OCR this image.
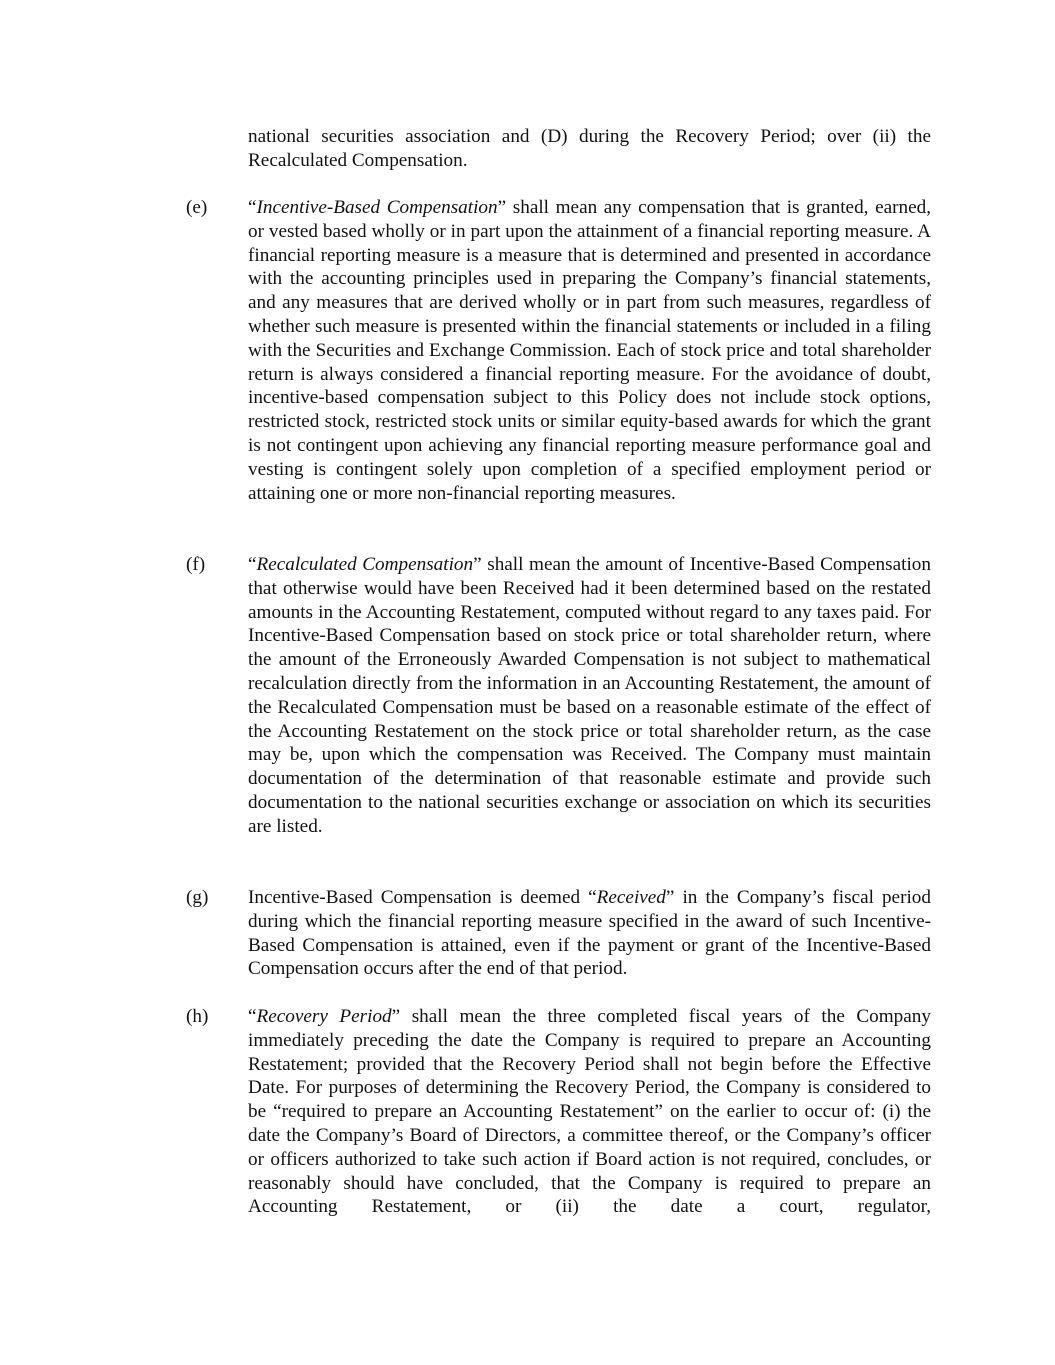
national securities association and (D) during the Recovery Period; over (ii) the Recalculated Compensation.
(e)	“Incentive-Based Compensation” shall mean any compensation that is granted, earned, or vested based wholly or in part upon the attainment of a financial reporting measure. A financial reporting measure is a measure that is determined and presented in accordance with the accounting principles used in preparing the Company’s financial statements, and any measures that are derived wholly or in part from such measures, regardless of whether such measure is presented within the financial statements or included in a filing with the Securities and Exchange Commission. Each of stock price and total shareholder return is always considered a financial reporting measure. For the avoidance of doubt, incentive-based compensation subject to this Policy does not include stock options, restricted stock, restricted stock units or similar equity-based awards for which the grant is not contingent upon achieving any financial reporting measure performance goal and vesting is contingent solely upon completion of a specified employment period or attaining one or more non-financial reporting measures.
(f)	“Recalculated Compensation” shall mean the amount of Incentive-Based Compensation that otherwise would have been Received had it been determined based on the restated amounts in the Accounting Restatement, computed without regard to any taxes paid. For Incentive-Based Compensation based on stock price or total shareholder return, where the amount of the Erroneously Awarded Compensation is not subject to mathematical recalculation directly from the information in an Accounting Restatement, the amount of the Recalculated Compensation must be based on a reasonable estimate of the effect of the Accounting Restatement on the stock price or total shareholder return, as the case may be, upon which the compensation was Received. The Company must maintain documentation of the determination of that reasonable estimate and provide such documentation to the national securities exchange or association on which its securities are listed.
(g)	Incentive-Based Compensation is deemed “Received” in the Company’s fiscal period during which the financial reporting measure specified in the award of such Incentive-Based Compensation is attained, even if the payment or grant of the Incentive-Based Compensation occurs after the end of that period.
(h)	“Recovery Period” shall mean the three completed fiscal years of the Company immediately preceding the date the Company is required to prepare an Accounting Restatement; provided that the Recovery Period shall not begin before the Effective Date. For purposes of determining the Recovery Period, the Company is considered to be “required to prepare an Accounting Restatement” on the earlier to occur of: (i) the date the Company’s Board of Directors, a committee thereof, or the Company’s officer or officers authorized to take such action if Board action is not required, concludes, or reasonably should have concluded, that the Company is required to prepare an Accounting Restatement, or (ii) the date a court, regulator,
